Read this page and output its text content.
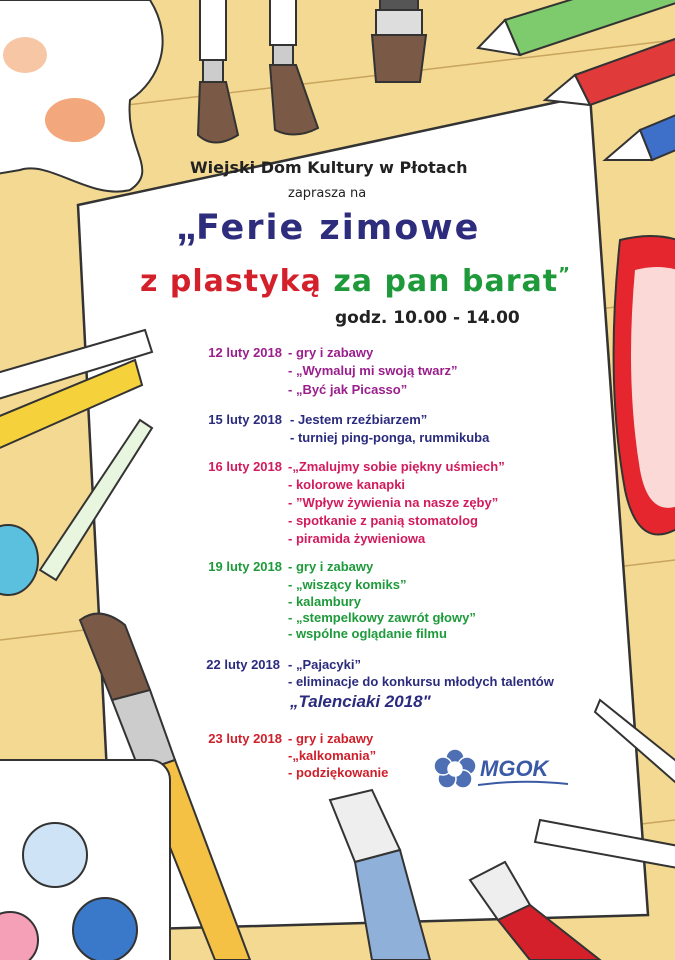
Wiejski Dom Kultury w Płotach
zaprasza na
„ Ferie zimowe
z plastyką za pan barat”
godz. 10.00 - 14.00
12 luty 2018 - gry i zabawy
- „Wymaluj mi swoją twarz”
- „Być jak Picasso”
15 luty 2018 - Jestem rzeźbiarzem”
- turniej ping-ponga, rummikuba
16 luty 2018 -„Zmalujmy sobie piękny uśmiech”
- kolorowe kanapki
- ”Wpływ żywienia na nasze zęby”
- spotkanie z panią stomatolog
- piramida żywieniowa
19 luty 2018 - gry i zabawy
- „wiszący komiks”
- kalambury
- „stempelkowy zawrót głowy”
- wspólne oglądanie filmu
22 luty 2018 - „Pajacyki”
- eliminacje do konkursu młodych talentów
„Talenciaki 2018"
23 luty 2018 - gry i zabawy
-„kalkomania”
- podziękowanie	MGOK
